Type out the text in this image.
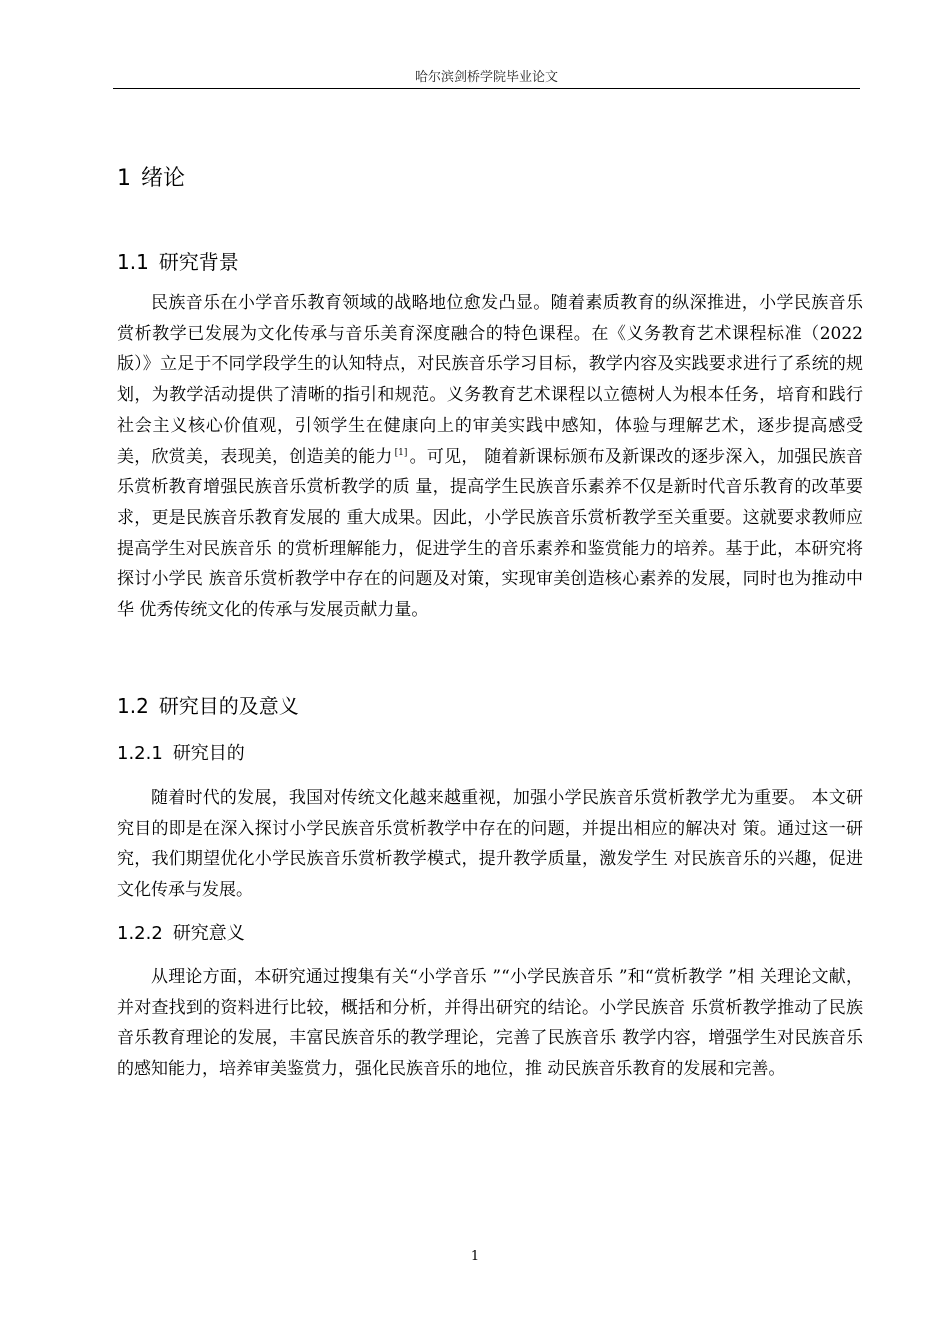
哈尔滨剑桥学院毕业论文
1 绪论
1.1 研究背景

民族音乐在小学音乐教育领域的战略地位愈发凸显。随着素质教育的纵深推进，小学民族音乐赏析教学已发展为文化传承与音乐美育深度融合的特色课程。在《义务教育艺术课程标准（2022 版）》立足于不同学段学生的认知特点，对民族音乐学习目标，教学内容及实践要求进行了系统的规划，为教学活动提供了清晰的指引和规范。义务教育艺术课程以立德树人为根本任务，培育和践行社会主义核心价值观，引领学生在健康向上的审美实践中感知，体验与理解艺术，逐步提高感受美，欣赏美，表现美，创造美的能力 [1] 。可见， 随着新课标颁布及新课改的逐步深入，加强民族音乐赏析教育增强民族音乐赏析教学的质 量，提高学生民族音乐素养不仅是新时代音乐教育的改革要求，更是民族音乐教育发展的 重大成果。因此，小学民族音乐赏析教学至关重要。这就要求教师应提高学生对民族音乐 的赏析理解能力，促进学生的音乐素养和鉴赏能力的培养。基于此，本研究将探讨小学民 族音乐赏析教学中存在的问题及对策，实现审美创造核心素养的发展，同时也为推动中华 优秀传统文化的传承与发展贡献力量。

1.2 研究目的及意义
1.2.1 研究目的

随着时代的发展，我国对传统文化越来越重视，加强小学民族音乐赏析教学尤为重要。 本文研究目的即是在深入探讨小学民族音乐赏析教学中存在的问题，并提出相应的解决对 策。通过这一研究，我们期望优化小学民族音乐赏析教学模式，提升教学质量，激发学生 对民族音乐的兴趣，促进文化传承与发展。

1.2.2 研究意义

从理论方面，本研究通过搜集有关“小学音乐 ”“小学民族音乐 ”和“赏析教学 ”相 关理论文献，并对查找到的资料进行比较，概括和分析，并得出研究的结论。小学民族音 乐赏析教学推动了民族音乐教育理论的发展，丰富民族音乐的教学理论，完善了民族音乐 教学内容，增强学生对民族音乐的感知能力，培养审美鉴赏力，强化民族音乐的地位，推 动民族音乐教育的发展和完善。

1
